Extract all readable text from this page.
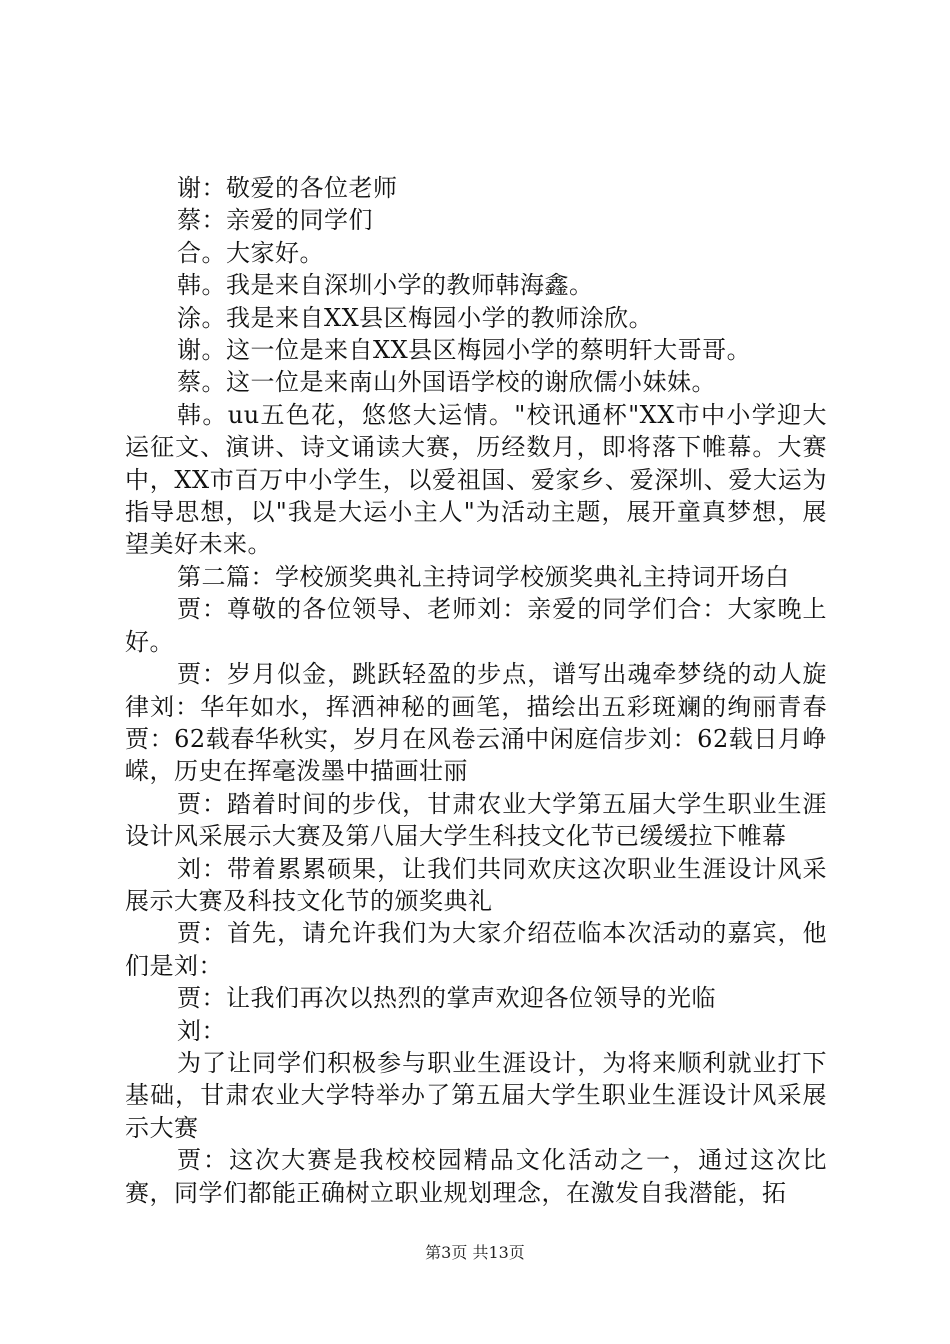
谢：敬爱的各位老师

蔡：亲爱的同学们

合。大家好。

韩。我是来自深圳小学的教师韩海鑫。

涂。我是来自XX县区梅园小学的教师涂欣。

谢。这一位是来自XX县区梅园小学的蔡明轩大哥哥。

蔡。这一位是来南山外国语学校的谢欣儒小妹妹。

韩。uu五色花，悠悠大运情。"校讯通杯"XX市中小学迎大运征文、演讲、诗文诵读大赛，历经数月，即将落下帷幕。大赛中，XX市百万中小学生，以爱祖国、爱家乡、爱深圳、爱大运为指导思想，以"我是大运小主人"为活动主题，展开童真梦想，展望美好未来。

第二篇：学校颁奖典礼主持词学校颁奖典礼主持词开场白

贾：尊敬的各位领导、老师刘：亲爱的同学们合：大家晚上好。

贾：岁月似金，跳跃轻盈的步点，谱写出魂牵梦绕的动人旋律刘：华年如水，挥洒神秘的画笔，描绘出五彩斑斓的绚丽青春贾：62载春华秋实，岁月在风卷云涌中闲庭信步刘：62载日月峥嵘，历史在挥毫泼墨中描画壮丽

贾：踏着时间的步伐，甘肃农业大学第五届大学生职业生涯设计风采展示大赛及第八届大学生科技文化节已缓缓拉下帷幕

刘：带着累累硕果，让我们共同欢庆这次职业生涯设计风采展示大赛及科技文化节的颁奖典礼

贾：首先，请允许我们为大家介绍莅临本次活动的嘉宾，他们是刘：

贾：让我们再次以热烈的掌声欢迎各位领导的光临

刘：

为了让同学们积极参与职业生涯设计，为将来顺利就业打下基础，甘肃农业大学特举办了第五届大学生职业生涯设计风采展示大赛

贾：这次大赛是我校校园精品文化活动之一，通过这次比赛，同学们都能正确树立职业规划理念，在激发自我潜能，拓

第3页 共13页
